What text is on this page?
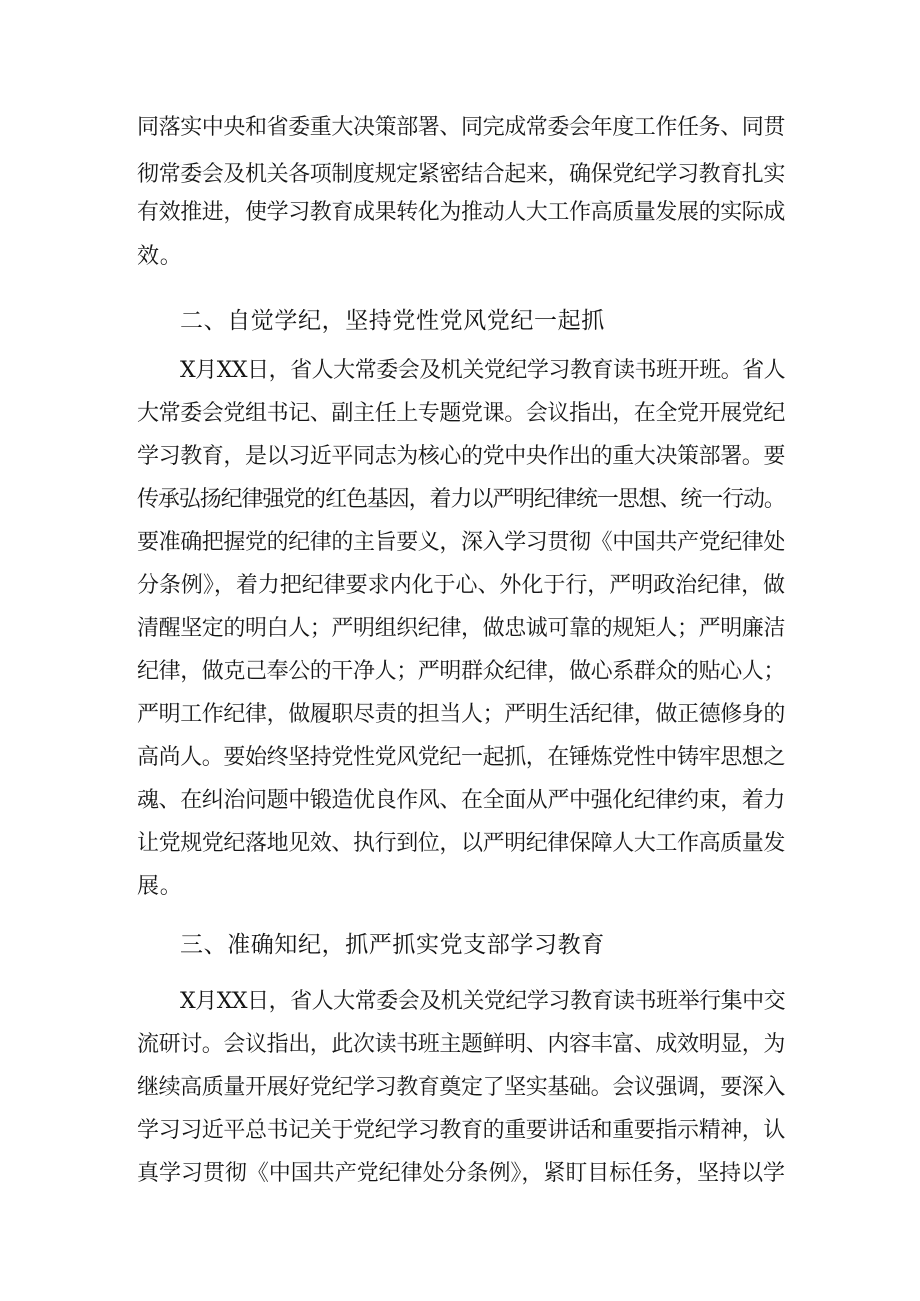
同落实中央和省委重大决策部署、同完成常委会年度工作任务、同贯
彻常委会及机关各项制度规定紧密结合起来，确保党纪学习教育扎实
有效推进，使学习教育成果转化为推动人大工作高质量发展的实际成
效。
二、自觉学纪，坚持党性党风党纪一起抓
X月XX日，省人大常委会及机关党纪学习教育读书班开班。省人
大常委会党组书记、副主任上专题党课。会议指出，在全党开展党纪
学习教育，是以习近平同志为核心的党中央作出的重大决策部署。要
传承弘扬纪律强党的红色基因，着力以严明纪律统一思想、统一行动。
要准确把握党的纪律的主旨要义，深入学习贯彻《中国共产党纪律处
分条例》，着力把纪律要求内化于心、外化于行，严明政治纪律，做
清醒坚定的明白人；严明组织纪律，做忠诚可靠的规矩人；严明廉洁
纪律，做克己奉公的干净人；严明群众纪律，做心系群众的贴心人；
严明工作纪律，做履职尽责的担当人；严明生活纪律，做正德修身的
高尚人。要始终坚持党性党风党纪一起抓，在锤炼党性中铸牢思想之
魂、在纠治问题中锻造优良作风、在全面从严中强化纪律约束，着力
让党规党纪落地见效、执行到位，以严明纪律保障人大工作高质量发
展。
三、准确知纪，抓严抓实党支部学习教育
X月XX日，省人大常委会及机关党纪学习教育读书班举行集中交
流研讨。会议指出，此次读书班主题鲜明、内容丰富、成效明显，为
继续高质量开展好党纪学习教育奠定了坚实基础。会议强调，要深入
学习习近平总书记关于党纪学习教育的重要讲话和重要指示精神，认
真学习贯彻《中国共产党纪律处分条例》，紧盯目标任务，坚持以学
